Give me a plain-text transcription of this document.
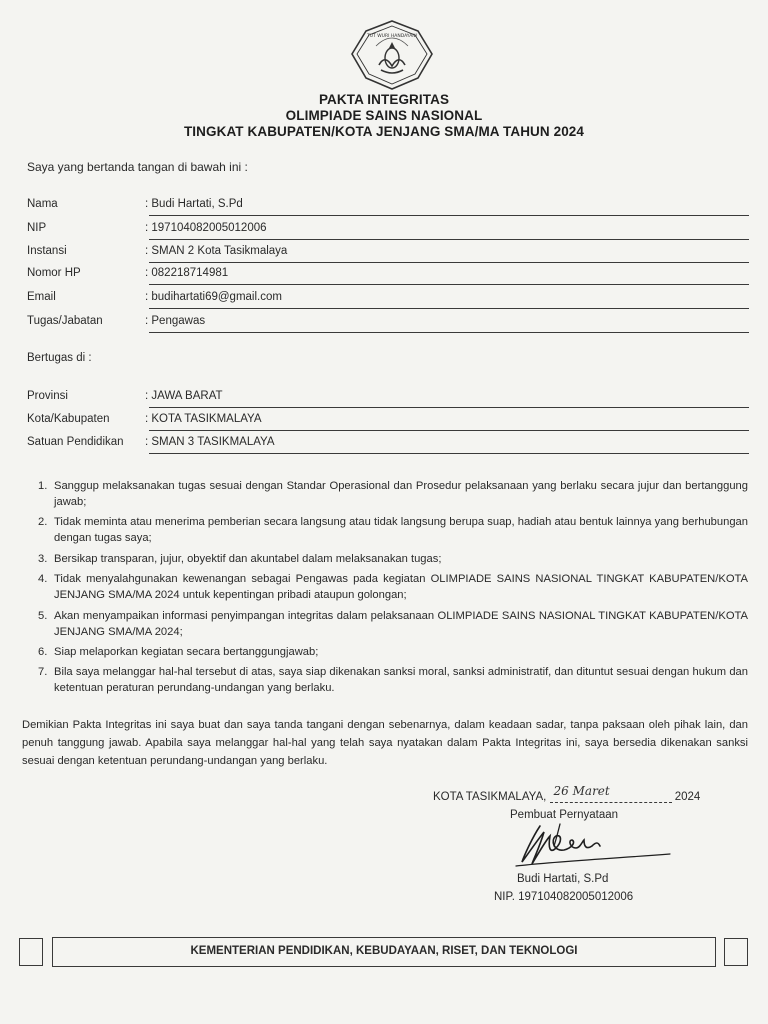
TUT WURI HANDAYANI
PAKTA INTEGRITAS
OLIMPIADE SAINS NASIONAL
TINGKAT KABUPATEN/KOTA JENJANG SMA/MA TAHUN 2024
Saya yang bertanda tangan di bawah ini :
Nama	: Budi Hartati, S.Pd
NIP	: 197104082005012006
Instansi	: SMAN 2 Kota Tasikmalaya
Nomor HP	: 082218714981
Email	: budihartati69@gmail.com
Tugas/Jabatan	: Pengawas
Bertugas di :
Provinsi	: JAWA BARAT
Kota/Kabupaten	: KOTA TASIKMALAYA
Satuan Pendidikan : SMAN 3 TASIKMALAYA
1. Sanggup melaksanakan tugas sesuai dengan Standar Operasional dan Prosedur pelaksanaan yang berlaku secara jujur dan bertanggung jawab;
2. Tidak meminta atau menerima pemberian secara langsung atau tidak langsung berupa suap, hadiah atau bentuk lainnya yang berhubungan dengan tugas saya;
3. Bersikap transparan, jujur, obyektif dan akuntabel dalam melaksanakan tugas;
4. Tidak menyalahgunakan kewenangan sebagai Pengawas pada kegiatan OLIMPIADE SAINS NASIONAL TINGKAT KABUPATEN/KOTA JENJANG SMA/MA 2024 untuk kepentingan pribadi ataupun golongan;
5. Akan menyampaikan informasi penyimpangan integritas dalam pelaksanaan OLIMPIADE SAINS NASIONAL TINGKAT KABUPATEN/KOTA JENJANG SMA/MA 2024;
6. Siap melaporkan kegiatan secara bertanggungjawab;
7. Bila saya melanggar hal-hal tersebut di atas, saya siap dikenakan sanksi moral, sanksi administratif, dan dituntut sesuai dengan hukum dan ketentuan peraturan perundang-undangan yang berlaku.
Demikian Pakta Integritas ini saya buat dan saya tanda tangani dengan sebenarnya, dalam keadaan sadar, tanpa paksaan oleh pihak lain, dan penuh tanggung jawab. Apabila saya melanggar hal-hal yang telah saya nyatakan dalam Pakta Integritas ini, saya bersedia dikenakan sanksi sesuai dengan ketentuan perundang-undangan yang berlaku.
KOTA TASIKMALAYA, 26 Maret	2024
Pembuat Pernyataan
Budi Hartati, S.Pd
NIP. 197104082005012006
KEMENTERIAN PENDIDIKAN, KEBUDAYAAN, RISET, DAN TEKNOLOGI
